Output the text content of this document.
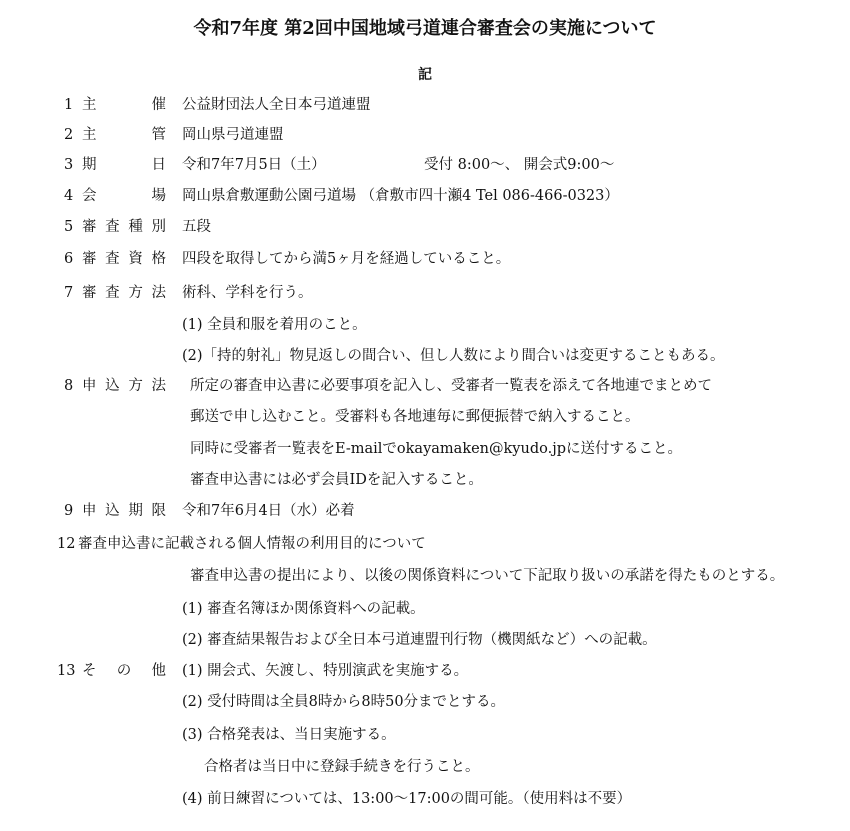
令和7年度 第2回中国地域弓道連合審査会の実施について
記
1 主	催 公益財団法人全日本弓道連盟
2 主	管 岡山県弓道連盟
3 期	日 令和7年7月5日（土）	受付 8:00～、 開会式9:00～
4 会	場 岡山県倉敷運動公園弓道場 （倉敷市四十瀬4 Tel 086-466-0323）
5 審 査 種 別 五段
6 審 査 資 格 四段を取得してから満5ヶ月を経過していること。
7 審 査 方 法 術科、学科を行う。
(1) 全員和服を着用のこと。
(2)「持的射礼」物見返しの間合い、但し人数により間合いは変更することもある。
8 申 込 方 法 所定の審査申込書に必要事項を記入し、受審者一覧表を添えて各地連でまとめて
郵送で申し込むこと。受審料も各地連毎に郵便振替で納入すること。
同時に受審者一覧表をE-mailでokayamaken@kyudo.jpに送付すること。
審査申込書には必ず会員IDを記入すること。
9 申 込 期 限 令和7年6月4日（水）必着
12 審査申込書に記載される個人情報の利用目的について
審査申込書の提出により、以後の関係資料について下記取り扱いの承諾を得たものとする。
(1) 審査名簿ほか関係資料への記載。
(2) 審査結果報告および全日本弓道連盟刊行物（機関紙など）への記載。
13 そ の 他 (1) 開会式、矢渡し、特別演武を実施する。
(2) 受付時間は全員8時から8時50分までとする。
(3) 合格発表は、当日実施する。
合格者は当日中に登録手続きを行うこと。
(4) 前日練習については、13:00～17:00の間可能。（使用料は不要）
